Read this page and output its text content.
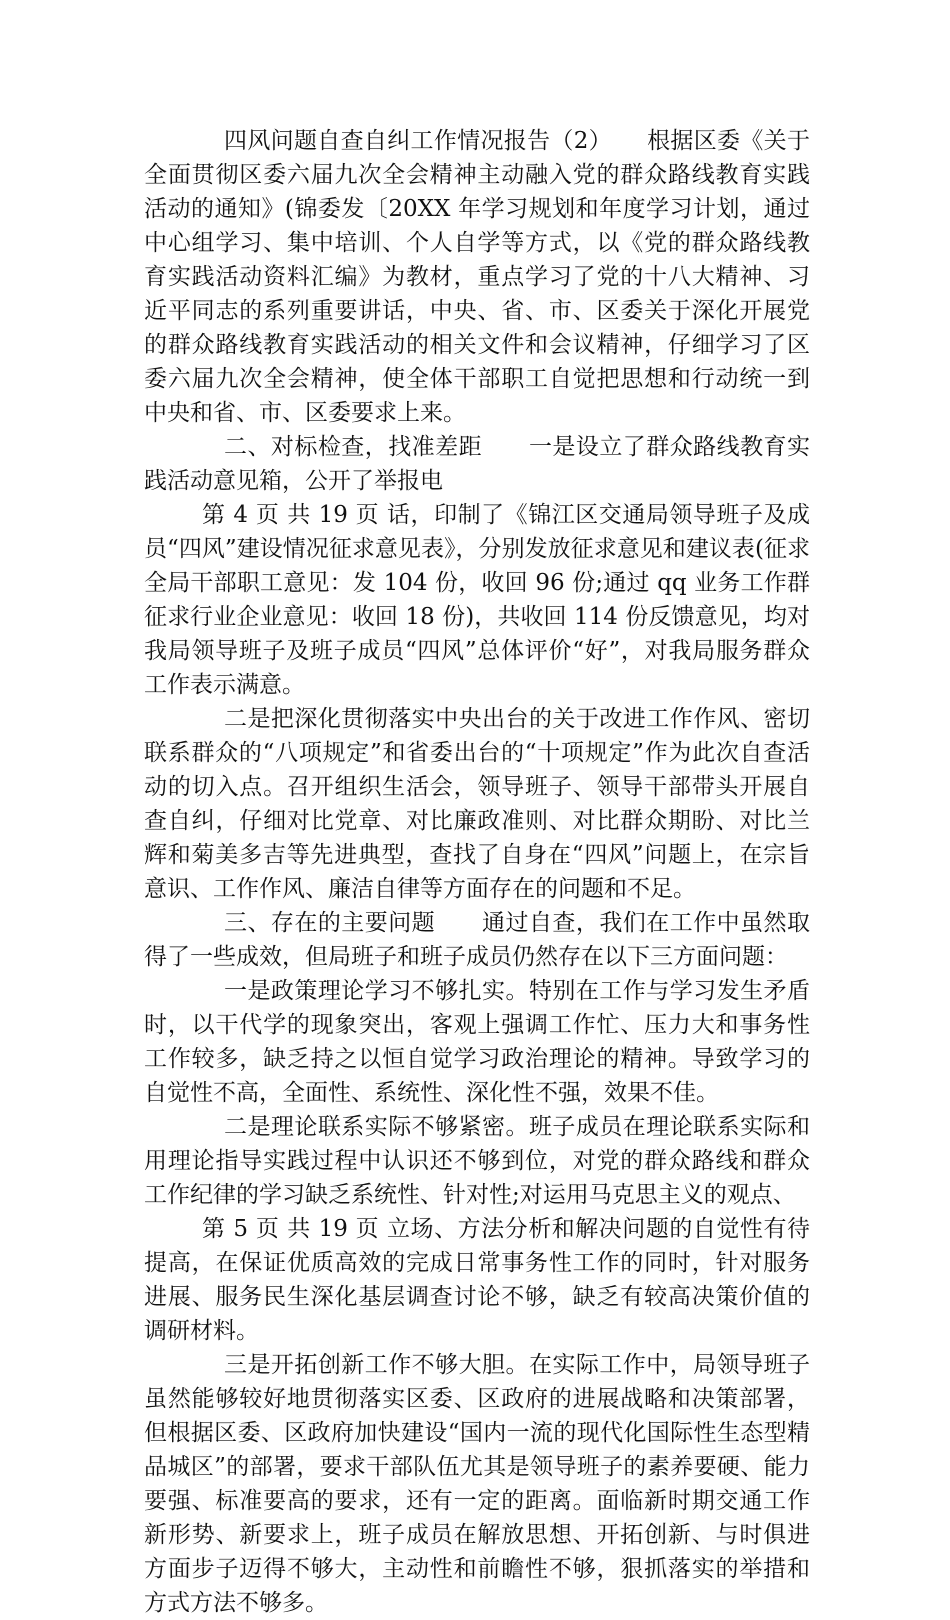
四风问题自查自纠工作情况报告（2）　　根据区委《关于全面贯彻区委六届九次全会精神主动融入党的群众路线教育实践活动的通知》(锦委发〔20XX 年学习规划和年度学习计划，通过中心组学习、集中培训、个人自学等方式，以《党的群众路线教育实践活动资料汇编》为教材，重点学习了党的十八大精神、习近平同志的系列重要讲话，中央、省、市、区委关于深化开展党的群众路线教育实践活动的相关文件和会议精神，仔细学习了区委六届九次全会精神，使全体干部职工自觉把思想和行动统一到中央和省、市、区委要求上来。

二、对标检查，找准差距　　一是设立了群众路线教育实践活动意见箱，公开了举报电

第 4 页 共 19 页 话，印制了《锦江区交通局领导班子及成员“四风”建设情况征求意见表》，分别发放征求意见和建议表(征求全局干部职工意见：发 104 份，收回 96 份;通过 qq 业务工作群征求行业企业意见：收回 18 份)，共收回 114 份反馈意见，均对我局领导班子及班子成员“四风”总体评价“好”，对我局服务群众工作表示满意。

二是把深化贯彻落实中央出台的关于改进工作作风、密切联系群众的“八项规定”和省委出台的“十项规定”作为此次自查活动的切入点。召开组织生活会，领导班子、领导干部带头开展自查自纠，仔细对比党章、对比廉政准则、对比群众期盼、对比兰辉和菊美多吉等先进典型，查找了自身在“四风”问题上，在宗旨意识、工作作风、廉洁自律等方面存在的问题和不足。

三、存在的主要问题　　通过自查，我们在工作中虽然取得了一些成效，但局班子和班子成员仍然存在以下三方面问题：

一是政策理论学习不够扎实。特别在工作与学习发生矛盾时，以干代学的现象突出，客观上强调工作忙、压力大和事务性工作较多，缺乏持之以恒自觉学习政治理论的精神。导致学习的自觉性不高，全面性、系统性、深化性不强，效果不佳。

二是理论联系实际不够紧密。班子成员在理论联系实际和用理论指导实践过程中认识还不够到位，对党的群众路线和群众工作纪律的学习缺乏系统性、针对性;对运用马克思主义的观点、

第 5 页 共 19 页 立场、方法分析和解决问题的自觉性有待提高，在保证优质高效的完成日常事务性工作的同时，针对服务进展、服务民生深化基层调查讨论不够，缺乏有较高决策价值的调研材料。

三是开拓创新工作不够大胆。在实际工作中，局领导班子虽然能够较好地贯彻落实区委、区政府的进展战略和决策部署，但根据区委、区政府加快建设“国内一流的现代化国际性生态型精品城区”的部署，要求干部队伍尤其是领导班子的素养要硬、能力要强、标准要高的要求，还有一定的距离。面临新时期交通工作新形势、新要求上，班子成员在解放思想、开拓创新、与时俱进方面步子迈得不够大，主动性和前瞻性不够，狠抓落实的举措和方式方法不够多。
